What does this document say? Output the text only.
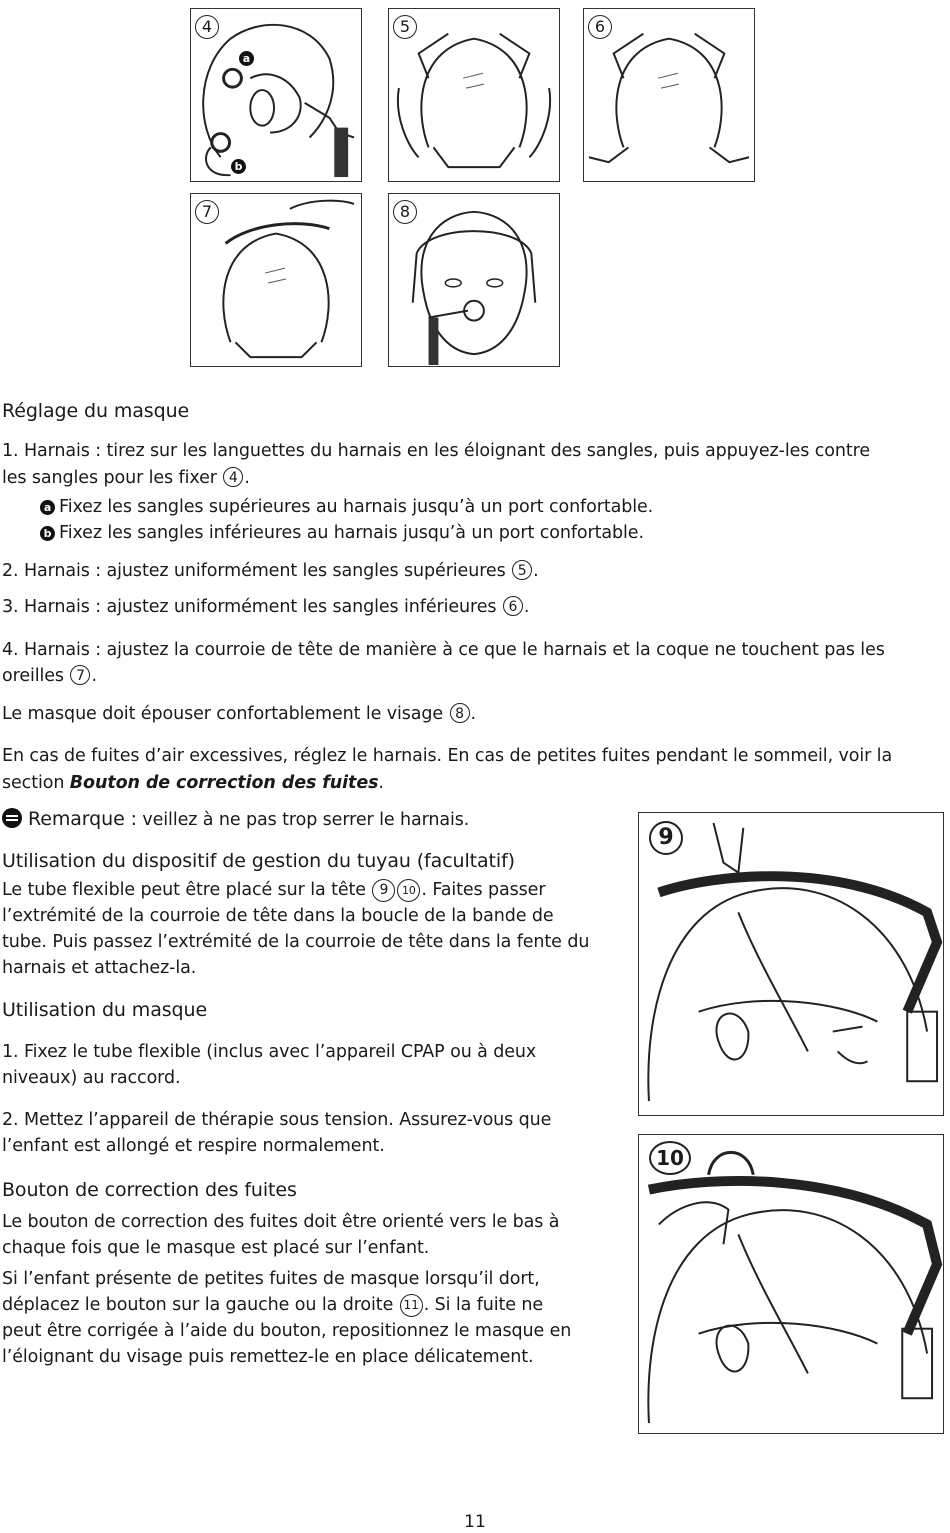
4
a
b
5	6
7	8
9
10
Réglage du masque
1. Harnais : tirez sur les languettes du harnais en les éloignant des sangles, puis appuyez-les contre
les sangles pour les fixer 4 .
a Fixez les sangles supérieures au harnais jusqu’à un port confortable.
b Fixez les sangles inférieures au harnais jusqu’à un port confortable.
2. Harnais : ajustez uniformément les sangles supérieures 5 .
3. Harnais : ajustez uniformément les sangles inférieures 6 .
4. Harnais : ajustez la courroie de tête de manière à ce que le harnais et la coque ne touchent pas les
oreilles 7 .
Le masque doit épouser confortablement le visage 8 .
En cas de fuites d’air excessives, réglez le harnais. En cas de petites fuites pendant le sommeil, voir la
section Bouton de correction des fuites.
Remarque : veillez à ne pas trop serrer le harnais.
Utilisation du dispositif de gestion du tuyau (facultatif)
Le tube flexible peut être placé sur la tête 9 10 . Faites passer
l’extrémité de la courroie de tête dans la boucle de la bande de
tube. Puis passez l’extrémité de la courroie de tête dans la fente du
harnais et attachez-la.
Utilisation du masque
1. Fixez le tube flexible (inclus avec l’appareil CPAP ou à deux
niveaux) au raccord.
2. Mettez l’appareil de thérapie sous tension. Assurez-vous que
l’enfant est allongé et respire normalement.
Bouton de correction des fuites
Le bouton de correction des fuites doit être orienté vers le bas à
chaque fois que le masque est placé sur l’enfant.
Si l’enfant présente de petites fuites de masque lorsqu’il dort,
déplacez le bouton sur la gauche ou la droite 11 . Si la fuite ne
peut être corrigée à l’aide du bouton, repositionnez le masque en
l’éloignant du visage puis remettez-le en place délicatement.
11
